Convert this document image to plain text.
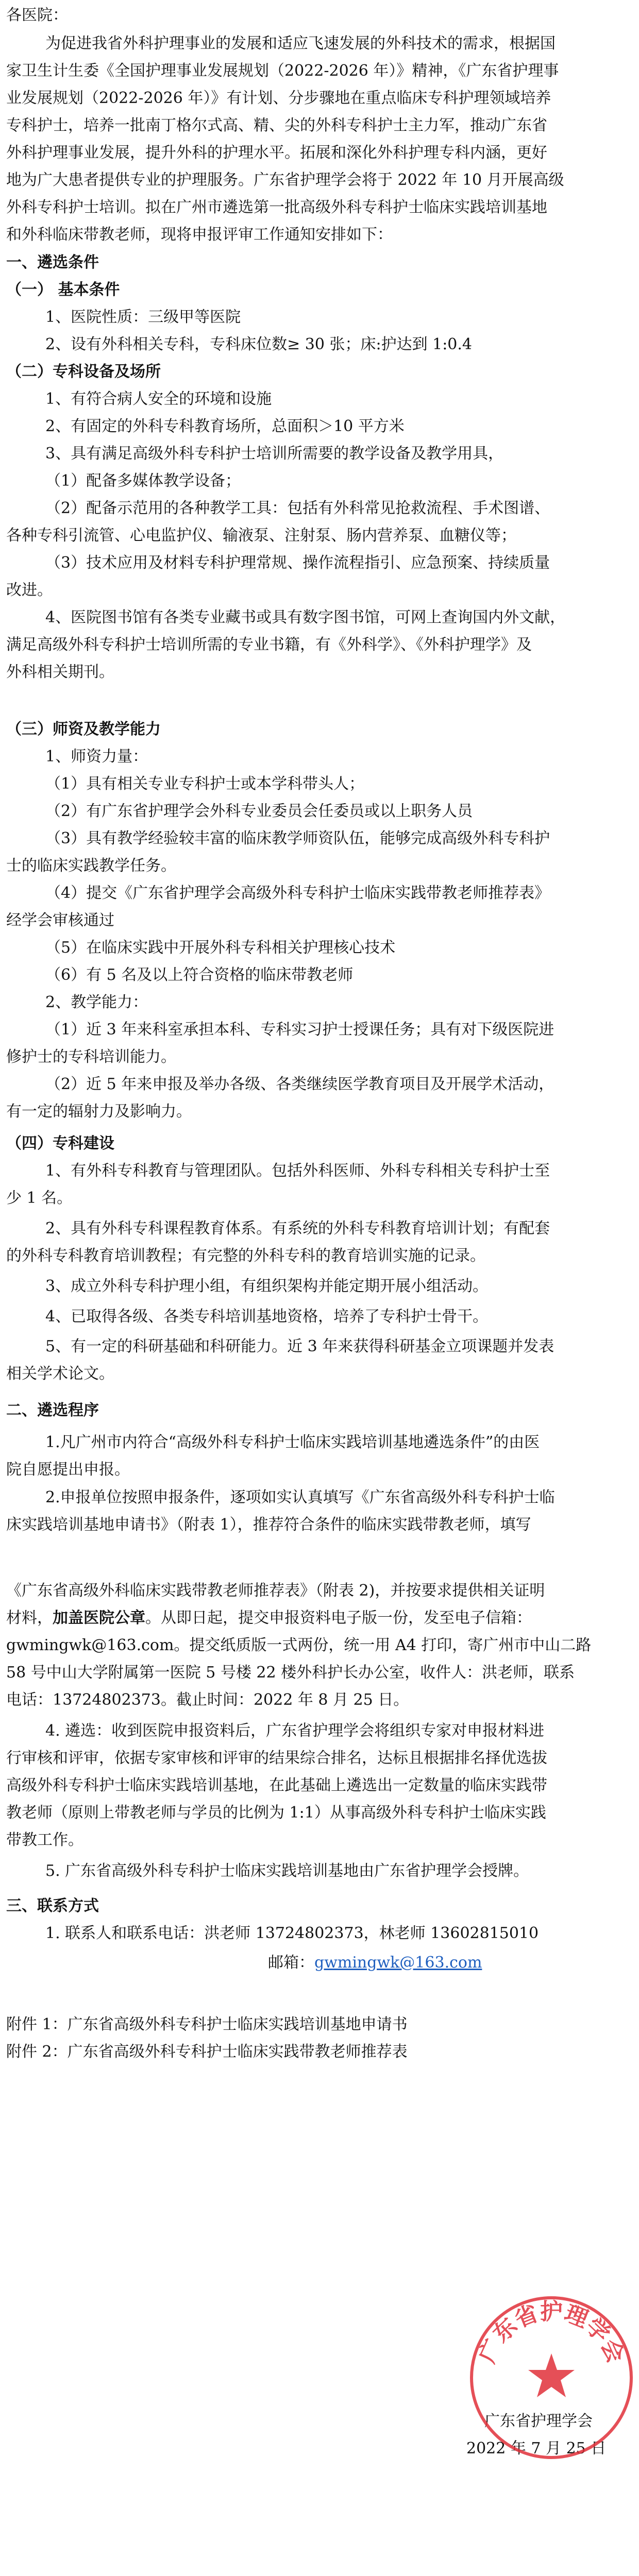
各医院：
为促进我省外科护理事业的发展和适应飞速发展的外科技术的需求，根据国
家卫生计生委《全国护理事业发展规划（2022-2026 年）》精神，《广东省护理事
业发展规划（2022-2026 年）》有计划、分步骤地在重点临床专科护理领域培养
专科护士，培养一批南丁格尔式高、精、尖的外科专科护士主力军，推动广东省
外科护理事业发展，提升外科的护理水平。拓展和深化外科护理专科内涵，更好
地为广大患者提供专业的护理服务。广东省护理学会将于 2022 年 10 月开展高级
外科专科护士培训。拟在广州市遴选第一批高级外科专科护士临床实践培训基地
和外科临床带教老师，现将申报评审工作通知安排如下：
一、遴选条件
（一） 基本条件
1、医院性质：三级甲等医院
2、设有外科相关专科，专科床位数≥ 30 张；床:护达到 1:0.4
（二）专科设备及场所
1、有符合病人安全的环境和设施
2、有固定的外科专科教育场所，总面积＞10 平方米
3、具有满足高级外科专科护士培训所需要的教学设备及教学用具，
（1）配备多媒体教学设备；
（2）配备示范用的各种教学工具：包括有外科常见抢救流程、手术图谱、
各种专科引流管、心电监护仪、输液泵、注射泵、肠内营养泵、血糖仪等；
（3）技术应用及材料专科护理常规、操作流程指引、应急预案、持续质量
改进。
4、医院图书馆有各类专业藏书或具有数字图书馆，可网上查询国内外文献，
满足高级外科专科护士培训所需的专业书籍，有《外科学》、《外科护理学》及
外科相关期刊。
（三）师资及教学能力
1、师资力量：
（1）具有相关专业专科护士或本学科带头人；
（2）有广东省护理学会外科专业委员会任委员或以上职务人员
（3）具有教学经验较丰富的临床教学师资队伍，能够完成高级外科专科护
士的临床实践教学任务。
（4）提交《广东省护理学会高级外科专科护士临床实践带教老师推荐表》
经学会审核通过
（5）在临床实践中开展外科专科相关护理核心技术
（6）有 5 名及以上符合资格的临床带教老师
2、教学能力：
（1）近 3 年来科室承担本科、专科实习护士授课任务；具有对下级医院进
修护士的专科培训能力。
（2）近 5 年来申报及举办各级、各类继续医学教育项目及开展学术活动，
有一定的辐射力及影响力。
（四）专科建设
1、有外科专科教育与管理团队。包括外科医师、外科专科相关专科护士至
少 1 名。
2、具有外科专科课程教育体系。有系统的外科专科教育培训计划；有配套
的外科专科教育培训教程；有完整的外科专科的教育培训实施的记录。
3、成立外科专科护理小组，有组织架构并能定期开展小组活动。
4、已取得各级、各类专科培训基地资格，培养了专科护士骨干。
5、有一定的科研基础和科研能力。近 3 年来获得科研基金立项课题并发表
相关学术论文。
二、遴选程序
1.凡广州市内符合“高级外科专科护士临床实践培训基地遴选条件”的由医
院自愿提出申报。
2.申报单位按照申报条件，逐项如实认真填写《广东省高级外科专科护士临
床实践培训基地申请书》（附表 1），推荐符合条件的临床实践带教老师，填写
《广东省高级外科临床实践带教老师推荐表》（附表 2)，并按要求提供相关证明
材料，加盖医院公章。从即日起，提交申报资料电子版一份，发至电子信箱：
gwmingwk@163.com。提交纸质版一式两份，统一用 A4 打印，寄广州市中山二路
58 号中山大学附属第一医院 5 号楼 22 楼外科护长办公室，收件人：洪老师，联系
电话：13724802373。截止时间：2022 年 8 月 25 日。
4. 遴选：收到医院申报资料后，广东省护理学会将组织专家对申报材料进
行审核和评审，依据专家审核和评审的结果综合排名，达标且根据排名择优选拔
高级外科专科护士临床实践培训基地，在此基础上遴选出一定数量的临床实践带
教老师（原则上带教老师与学员的比例为 1:1）从事高级外科专科护士临床实践
带教工作。
5. 广东省高级外科专科护士临床实践培训基地由广东省护理学会授牌。
三、联系方式
1. 联系人和联系电话：洪老师 13724802373，林老师 13602815010
附件 1：广东省高级外科专科护士临床实践培训基地申请书
附件 2：广东省高级外科专科护士临床实践带教老师推荐表
广东省护理学会
2022 年 7 月 25 日
邮箱：gwmingwk@163.com
广东省护理学会
